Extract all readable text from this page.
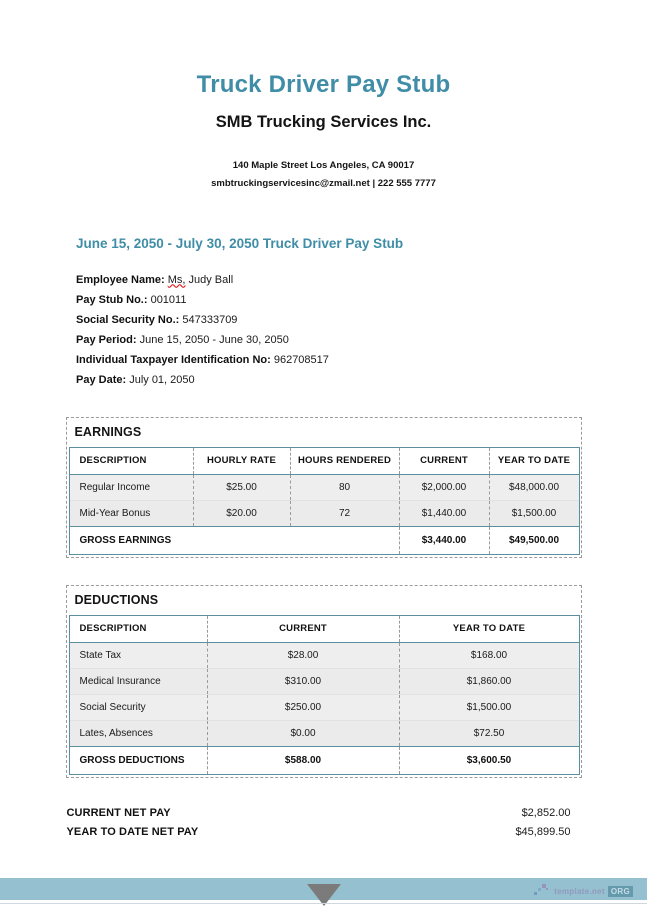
Truck Driver Pay Stub
SMB Trucking Services Inc.
140 Maple Street Los Angeles, CA 90017
smbtruckingservicesinc@zmail.net | 222 555 7777
June 15, 2050 - July 30, 2050 Truck Driver Pay Stub
Employee Name: Ms, Judy Ball
Pay Stub No.: 001011
Social Security No.: 547333709
Pay Period: June 15, 2050 - June 30, 2050
Individual Taxpayer Identification No: 962708517
Pay Date: July 01, 2050
EARNINGS
DESCRIPTION	HOURLY RATE	HOURS RENDERED	CURRENT	YEAR TO DATE
Regular Income	$25.00	80	$2,000.00	$48,000.00
Mid-Year Bonus	$20.00	72	$1,440.00	$1,500.00
GROSS EARNINGS			$3,440.00	$49,500.00
DEDUCTIONS
DESCRIPTION	CURRENT	YEAR TO DATE
State Tax	$28.00	$168.00
Medical Insurance	$310.00	$1,860.00
Social Security	$250.00	$1,500.00
Lates, Absences	$0.00	$72.50
GROSS DEDUCTIONS	$588.00	$3,600.50
CURRENT NET PAY	$2,852.00
YEAR TO DATE NET PAY	$45,899.50
template.net ORG
